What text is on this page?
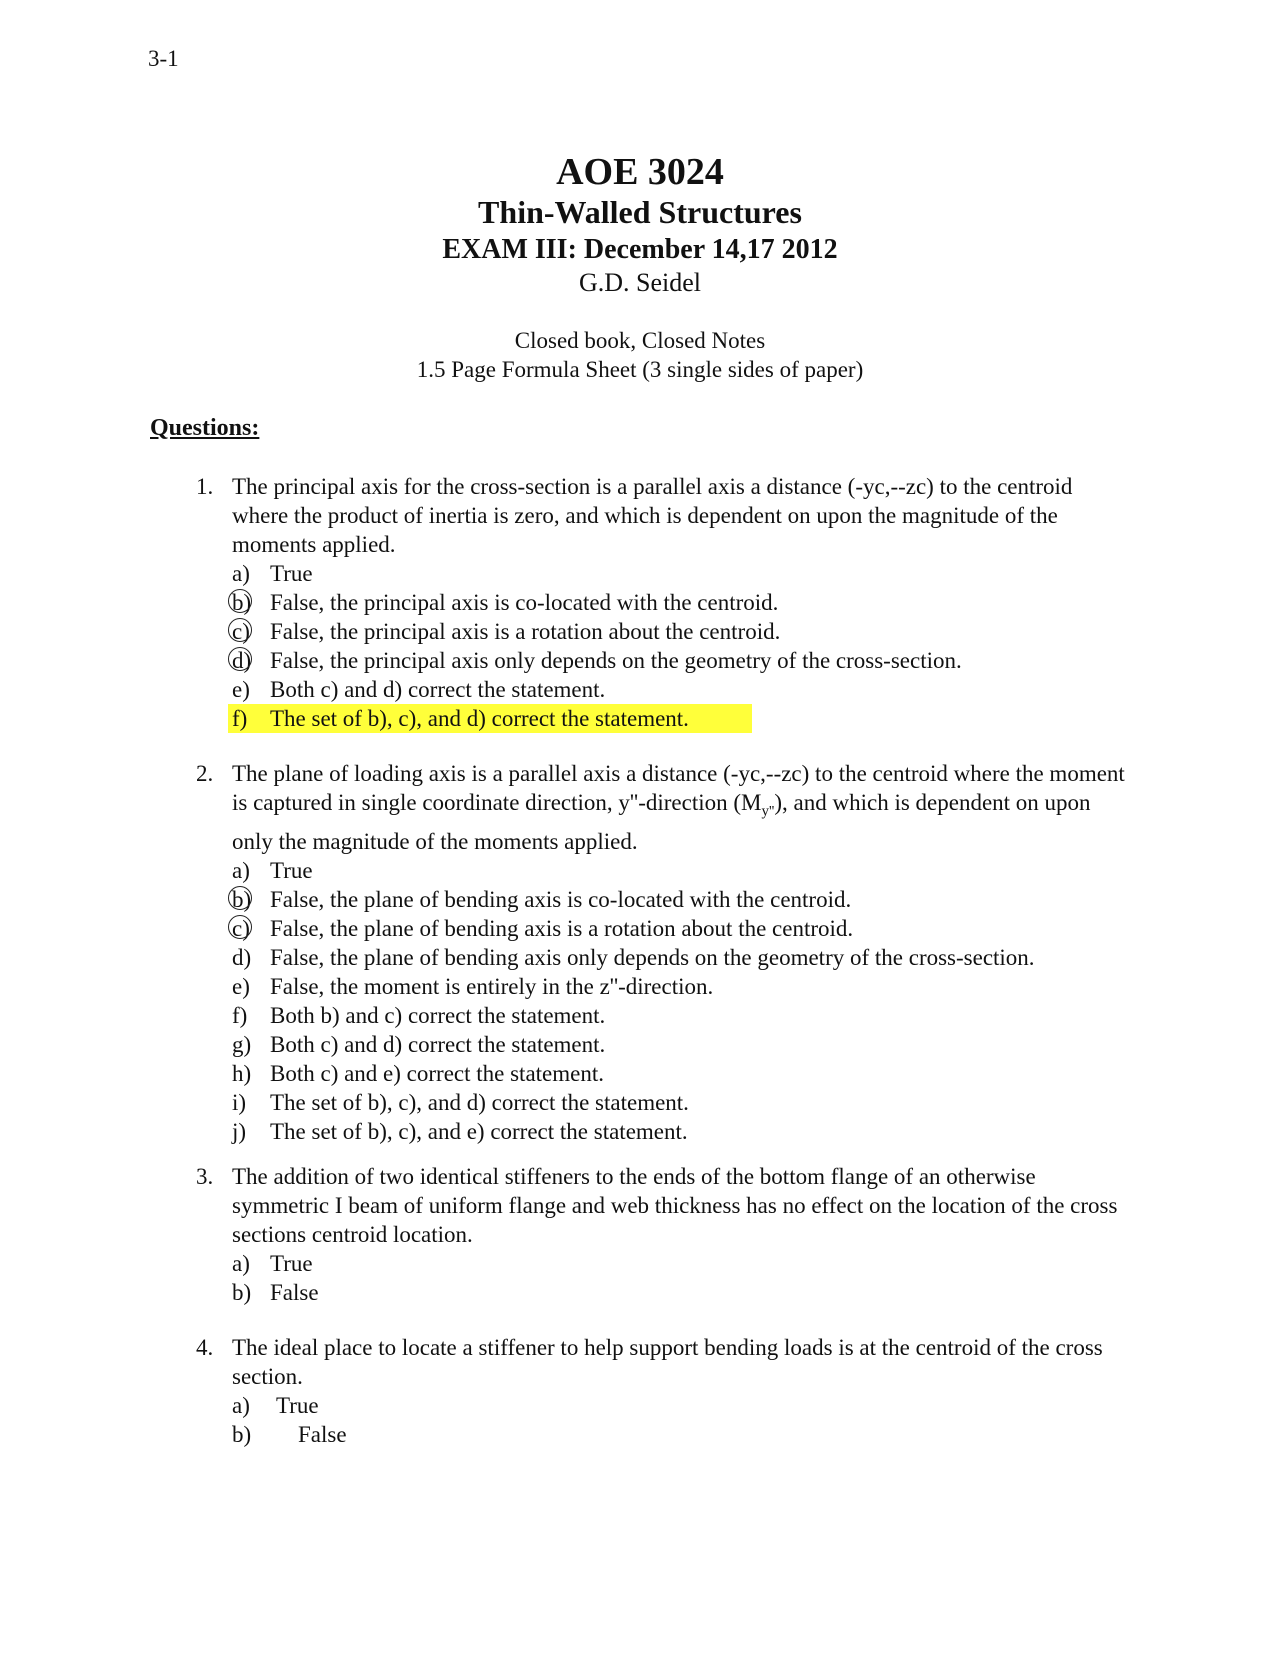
3-1
AOE 3024
Thin-Walled Structures
EXAM III: December 14,17 2012
G.D. Seidel
Closed book, Closed Notes
1.5 Page Formula Sheet (3 single sides of paper)
Questions:
1. The principal axis for the cross-section is a parallel axis a distance (-yc,--zc) to the centroid where the product of inertia is zero, and which is dependent on upon the magnitude of the moments applied.
a) True
b) False, the principal axis is co-located with the centroid.
c) False, the principal axis is a rotation about the centroid.
d) False, the principal axis only depends on the geometry of the cross-section.
e) Both c) and d) correct the statement.
f) The set of b), c), and d) correct the statement.
2. The plane of loading axis is a parallel axis a distance (-yc,--zc) to the centroid where the moment is captured in single coordinate direction, y''-direction $(M_{y''})$, and which is dependent on upon only the magnitude of the moments applied.
a) True
b) False, the plane of bending axis is co-located with the centroid.
c) False, the plane of bending axis is a rotation about the centroid.
d) False, the plane of bending axis only depends on the geometry of the cross-section.
e) False, the moment is entirely in the z''-direction.
f) Both b) and c) correct the statement.
g) Both c) and d) correct the statement.
h) Both c) and e) correct the statement.
i)	The set of b), c), and d) correct the statement.
j)	The set of b), c), and e) correct the statement.
3. The addition of two identical stiffeners to the ends of the bottom flange of an otherwise symmetric I beam of uniform flange and web thickness has no effect on the location of the cross sections centroid location.
a) True
b) False
4. The ideal place to locate a stiffener to help support bending loads is at the centroid of the cross section.
a)	True
b)	False
